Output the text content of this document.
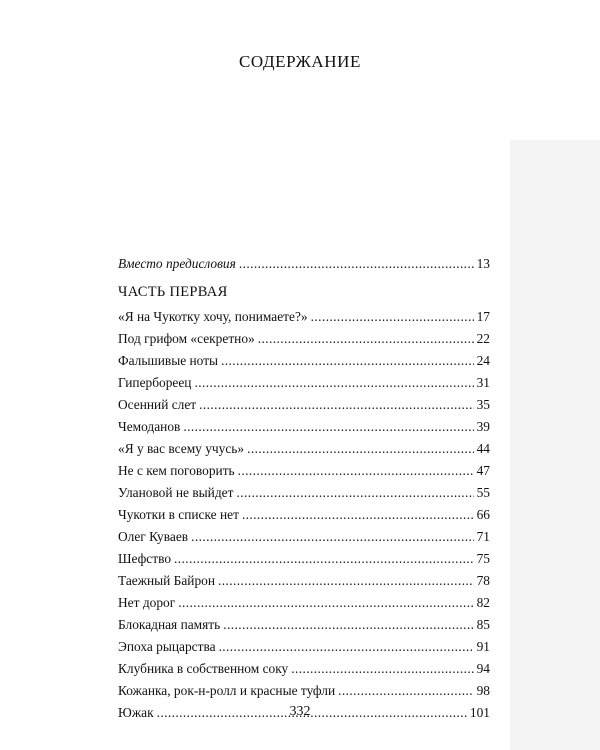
СОДЕРЖАНИЕ
Вместо предисловия .....	13
ЧАСТЬ ПЕРВАЯ
«Я на Чукотку хочу, понимаете?» .....	17
Под грифом «секретно» .....	22
Фальшивые ноты .....	24
Гипербореец .....	31
Осенний слет .....	35
Чемоданов .....	39
«Я у вас всему учусь» .....	44
Не с кем поговорить .....	47
Улановой не выйдет .....	55
Чукотки в списке нет .....	66
Олег Куваев .....	71
Шефство .....	75
Таежный Байрон .....	78
Нет дорог .....	82
Блокадная память .....	85
Эпоха рыцарства .....	91
Клубника в собственном соку .....	94
Кожанка, рок-н-ролл и красные туфли .....	98
Южак .....	101
332
